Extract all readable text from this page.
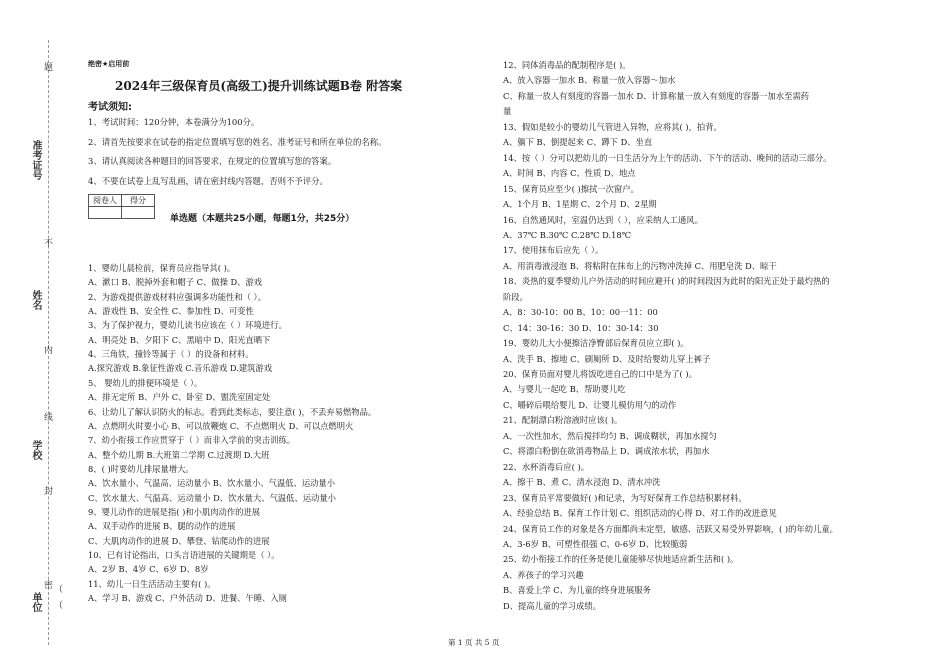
题
准考证号
不
姓名
内
线
学校
封
密
单位
（
（
绝密★启用前
2024年三级保育员(高级工)提升训练试题B卷 附答案
考试须知:
1、考试时间：120分钟，本卷满分为100分。
2、请首先按要求在试卷的指定位置填写您的姓名、准考证号和所在单位的名称。
3、请认真阅读各种题目的回答要求，在规定的位置填写您的答案。
4、不要在试卷上乱写乱画，请在密封线内答题，否则不予评分。
阅卷人	得分

单选题（本题共25小题，每题1分，共25分）
1、婴幼儿晨检前，保育员应指导其( )。
A、漱口 B、脱掉外套和帽子 C、做操 D、游戏
2、为游戏提供游戏材料应强调多功能性和（ ）。
A、游戏性 B、安全性 C、参加性 D、可变性
3、为了保护视力，婴幼儿读书应该在（ ）环境进行。
A、明亮处 B、夕阳下 C、黑暗中 D、阳光直晒下
4、三角铁，撞铃等属于（ ）的设备和材料。
A.探究游戏 B.象征性游戏 C.音乐游戏 D.建筑游戏
5、 婴幼儿的排便环境是（ ）。
A、排无定所 B、户外 C、卧室 D、盥洗室固定处
6、让幼儿了解认识防火的标志。看到此类标志，要注意( )，不丢弃易燃物品。
A、点燃明火时要小心 B、可以放鞭炮 C、不点燃明火 D、可以点燃明火
7、幼小衔接工作应贯穿于（ ）而非入学前的突击训练。
A、整个幼儿期 B.大班第二学期 C.过渡期 D.大班
8、( )时要幼儿排尿量增大。
A、饮水量小、气温高、运动量小 B、饮水量小、气温低、运动量小
C、饮水量大、气温高、运动量小 D、饮水量大、气温低、运动量小
9、婴儿动作的进展是指( )和小肌肉动作的进展
A、双手动作的进展 B、腿的动作的进展
C、大肌肉动作的进展 D、攀登、钻爬动作的进展
10、已有讨论指出，口头言语进展的关键期是（ ）。
A、2岁 B、4岁 C、6岁 D、8岁
11、幼儿一日生活活动主要有( )。
A、学习 B、游戏 C、户外活动 D、进餐、午睡、入厕
12、同体消毒品的配制程序是( )。
A、放入容器一加水 B、称量一放入容器～加水
C、称量一放人有刻度的容器一加水 D、计算称量一放入有刻度的容器一加水至需药
量
13、假如是较小的婴幼儿气管进入异物，应将其( )，拍背。
A、躺下 B、倒提起来 C、蹲下 D、坐直
14、按（ ）分可以把幼儿的一日生活分为上午的活动、下午的活动、晚间的活动三部分。
A、时间 B、内容 C、性质 D、地点
15、保育员应至少( )擦拭一次窗户。
A、1个月 B、1星期 C、2个月 D、2星期
16、自然通风时，室温仍达到（ ），应采纳人工通风。
A、37℃ B.30℃ C.28℃ D.18℃
17、使用抹布后应先（ ）。
A、用消毒液浸泡 B、将粘附在抹布上的污物冲洗掉 C、用肥皂洗 D、晾干
18、炎热的夏季婴幼儿户外活动的时间应避开( )的时间段因为此时的阳光正处于最灼热的
阶段。
A、8：30-10：00 B、10：00一11：00
C、14：30-16：30 D、10：30-14：30
19、婴幼儿大小便擦洁净臀部后保育员应立即( )。
A、洗手 B、擦地 C、刷厕所 D、及时给婴幼儿穿上裤子
20、保育员面对婴儿将饭吃进自己的口中是为了( )。
A、与婴儿一起吃 B、帮助婴儿吃
C、嚼碎后喂给婴儿 D、让婴儿模仿用勺的动作
21、配制漂白粉溶液时应该( )。
A、一次性加水，然后搅拌均匀 B、调成糊状，再加水搅匀
C、将漂白粉倒在欲消毒物品上 D、调成浓水状，再加水
22、水杯消毒后应( )。
A、擦干 B、煮 C、清水浸泡 D、清水冲洗
23、保育员平常要做好( )和记录，为写好保育工作总结积累材料。
A、经验总结 B、保育工作计划 C、组织活动的心得 D、对工作的改进意见
24、保育员工作的对象是各方面都尚未定型，敏感、活跃又易受外界影响，( )的年幼儿童。
A、3-6岁 B、可塑性很强 C、0-6岁 D、比较脆弱
25、幼小衔接工作的任务是使儿童能够尽快地适应新生活和( )。
A、养孩子的学习兴趣
B、喜爱上学 C、为儿童的终身进展服务
D、提高儿童的学习成绩。
第 1 页 共 5 页
